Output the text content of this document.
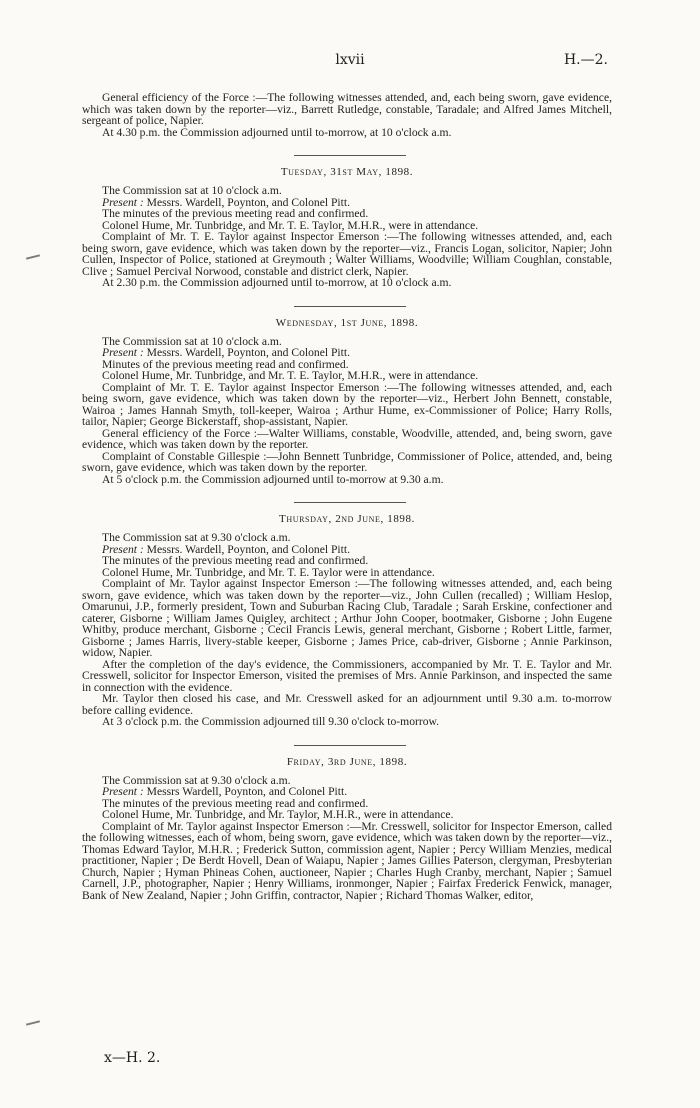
lxvii	H.—2.

General efficiency of the Force :—The following witnesses attended, and, each being sworn, gave evidence, which was taken down by the reporter—viz., Barrett Rutledge, constable, Taradale; and Alfred James Mitchell, sergeant of police, Napier.

At 4.30 p.m. the Commission adjourned until to-morrow, at 10 o'clock a.m.

Tuesday, 31st May, 1898.

The Commission sat at 10 o'clock a.m.

Present : Messrs. Wardell, Poynton, and Colonel Pitt.

The minutes of the previous meeting read and confirmed.

Colonel Hume, Mr. Tunbridge, and Mr. T. E. Taylor, M.H.R., were in attendance.

Complaint of Mr. T. E. Taylor against Inspector Emerson :—The following witnesses attended, and, each being sworn, gave evidence, which was taken down by the reporter—viz., Francis Logan, solicitor, Napier; John Cullen, Inspector of Police, stationed at Greymouth ; Walter Williams, Woodville; William Coughlan, constable, Clive ; Samuel Percival Norwood, constable and district clerk, Napier.

At 2.30 p.m. the Commission adjourned until to-morrow, at 10 o'clock a.m.

Wednesday, 1st June, 1898.

The Commission sat at 10 o'clock a.m.

Present : Messrs. Wardell, Poynton, and Colonel Pitt.

Minutes of the previous meeting read and confirmed.

Colonel Hume, Mr. Tunbridge, and Mr. T. E. Taylor, M.H.R., were in attendance.

Complaint of Mr. T. E. Taylor against Inspector Emerson :—The following witnesses attended, and, each being sworn, gave evidence, which was taken down by the reporter—viz., Herbert John Bennett, constable, Wairoa ; James Hannah Smyth, toll-keeper, Wairoa ; Arthur Hume, ex-Commissioner of Police; Harry Rolls, tailor, Napier; George Bickerstaff, shop-assistant, Napier.

General efficiency of the Force :—Walter Williams, constable, Woodville, attended, and, being sworn, gave evidence, which was taken down by the reporter.

Complaint of Constable Gillespie :—John Bennett Tunbridge, Commissioner of Police, attended, and, being sworn, gave evidence, which was taken down by the reporter.

At 5 o'clock p.m. the Commission adjourned until to-morrow at 9.30 a.m.

Thursday, 2nd June, 1898.

The Commission sat at 9.30 o'clock a.m.

Present : Messrs. Wardell, Poynton, and Colonel Pitt.

The minutes of the previous meeting read and confirmed.

Colonel Hume, Mr. Tunbridge, and Mr. T. E. Taylor were in attendance.

Complaint of Mr. Taylor against Inspector Emerson :—The following witnesses attended, and, each being sworn, gave evidence, which was taken down by the reporter—viz., John Cullen (recalled) ; William Heslop, Omarunui, J.P., formerly president, Town and Suburban Racing Club, Taradale ; Sarah Erskine, confectioner and caterer, Gisborne ; William James Quigley, architect ; Arthur John Cooper, bootmaker, Gisborne ; John Eugene Whitby, produce merchant, Gisborne ; Cecil Francis Lewis, general merchant, Gisborne ; Robert Little, farmer, Gisborne ; James Harris, livery-stable keeper, Gisborne ; James Price, cab-driver, Gisborne ; Annie Parkinson, widow, Napier.

After the completion of the day's evidence, the Commissioners, accompanied by Mr. T. E. Taylor and Mr. Cresswell, solicitor for Inspector Emerson, visited the premises of Mrs. Annie Parkinson, and inspected the same in connection with the evidence.

Mr. Taylor then closed his case, and Mr. Cresswell asked for an adjournment until 9.30 a.m. to-morrow before calling evidence.

At 3 o'clock p.m. the Commission adjourned till 9.30 o'clock to-morrow.

Friday, 3rd June, 1898.

The Commission sat at 9.30 o'clock a.m.

Present : Messrs Wardell, Poynton, and Colonel Pitt.

The minutes of the previous meeting read and confirmed.

Colonel Hume, Mr. Tunbridge, and Mr. Taylor, M.H.R., were in attendance.

Complaint of Mr. Taylor against Inspector Emerson :—Mr. Cresswell, solicitor for Inspector Emerson, called the following witnesses, each of whom, being sworn, gave evidence, which was taken down by the reporter—viz., Thomas Edward Taylor, M.H.R. ; Frederick Sutton, commission agent, Napier ; Percy William Menzies, medical practitioner, Napier ; De Berdt Hovell, Dean of Waiapu, Napier ; James Gillies Paterson, clergyman, Presbyterian Church, Napier ; Hyman Phineas Cohen, auctioneer, Napier ; Charles Hugh Cranby, merchant, Napier ; Samuel Carnell, J.P., photographer, Napier ; Henry Williams, ironmonger, Napier ; Fairfax Frederick Fenwick, manager, Bank of New Zealand, Napier ; John Griffin, contractor, Napier ; Richard Thomas Walker, editor,

x—H. 2.
